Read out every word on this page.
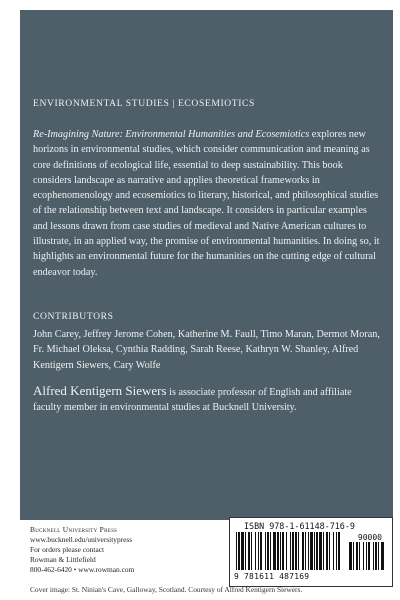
ENVIRONMENTAL STUDIES | ECOSEMIOTICS
Re-Imagining Nature: Environmental Humanities and Ecosemiotics explores new horizons in environmental studies, which consider communication and meaning as core definitions of ecological life, essential to deep sustainability. This book considers landscape as narrative and applies theoretical frameworks in ecophenomenology and ecosemiotics to literary, historical, and philosophical studies of the relationship between text and landscape. It considers in particular examples and lessons drawn from case studies of medieval and Native American cultures to illustrate, in an applied way, the promise of environmental humanities. In doing so, it highlights an environmental future for the humanities on the cutting edge of cultural endeavor today.
CONTRIBUTORS
John Carey, Jeffrey Jerome Cohen, Katherine M. Faull, Timo Maran, Dermot Moran, Fr. Michael Oleksa, Cynthia Radding, Sarah Reese, Kathryn W. Shanley, Alfred Kentigern Siewers, Cary Wolfe
Alfred Kentigern Siewers is associate professor of English and affiliate faculty member in environmental studies at Bucknell University.
Bucknell University Press
www.bucknell.edu/universitypress
For orders please contact
Rowman & Littlefield
800-462-6420 • www.rowman.com
ISBN 978-1-61148-716-9
90000
9 781611 487169
Cover image: St. Ninian's Cave, Galloway, Scotland. Courtesy of Alfred Kentigern Siewers.
